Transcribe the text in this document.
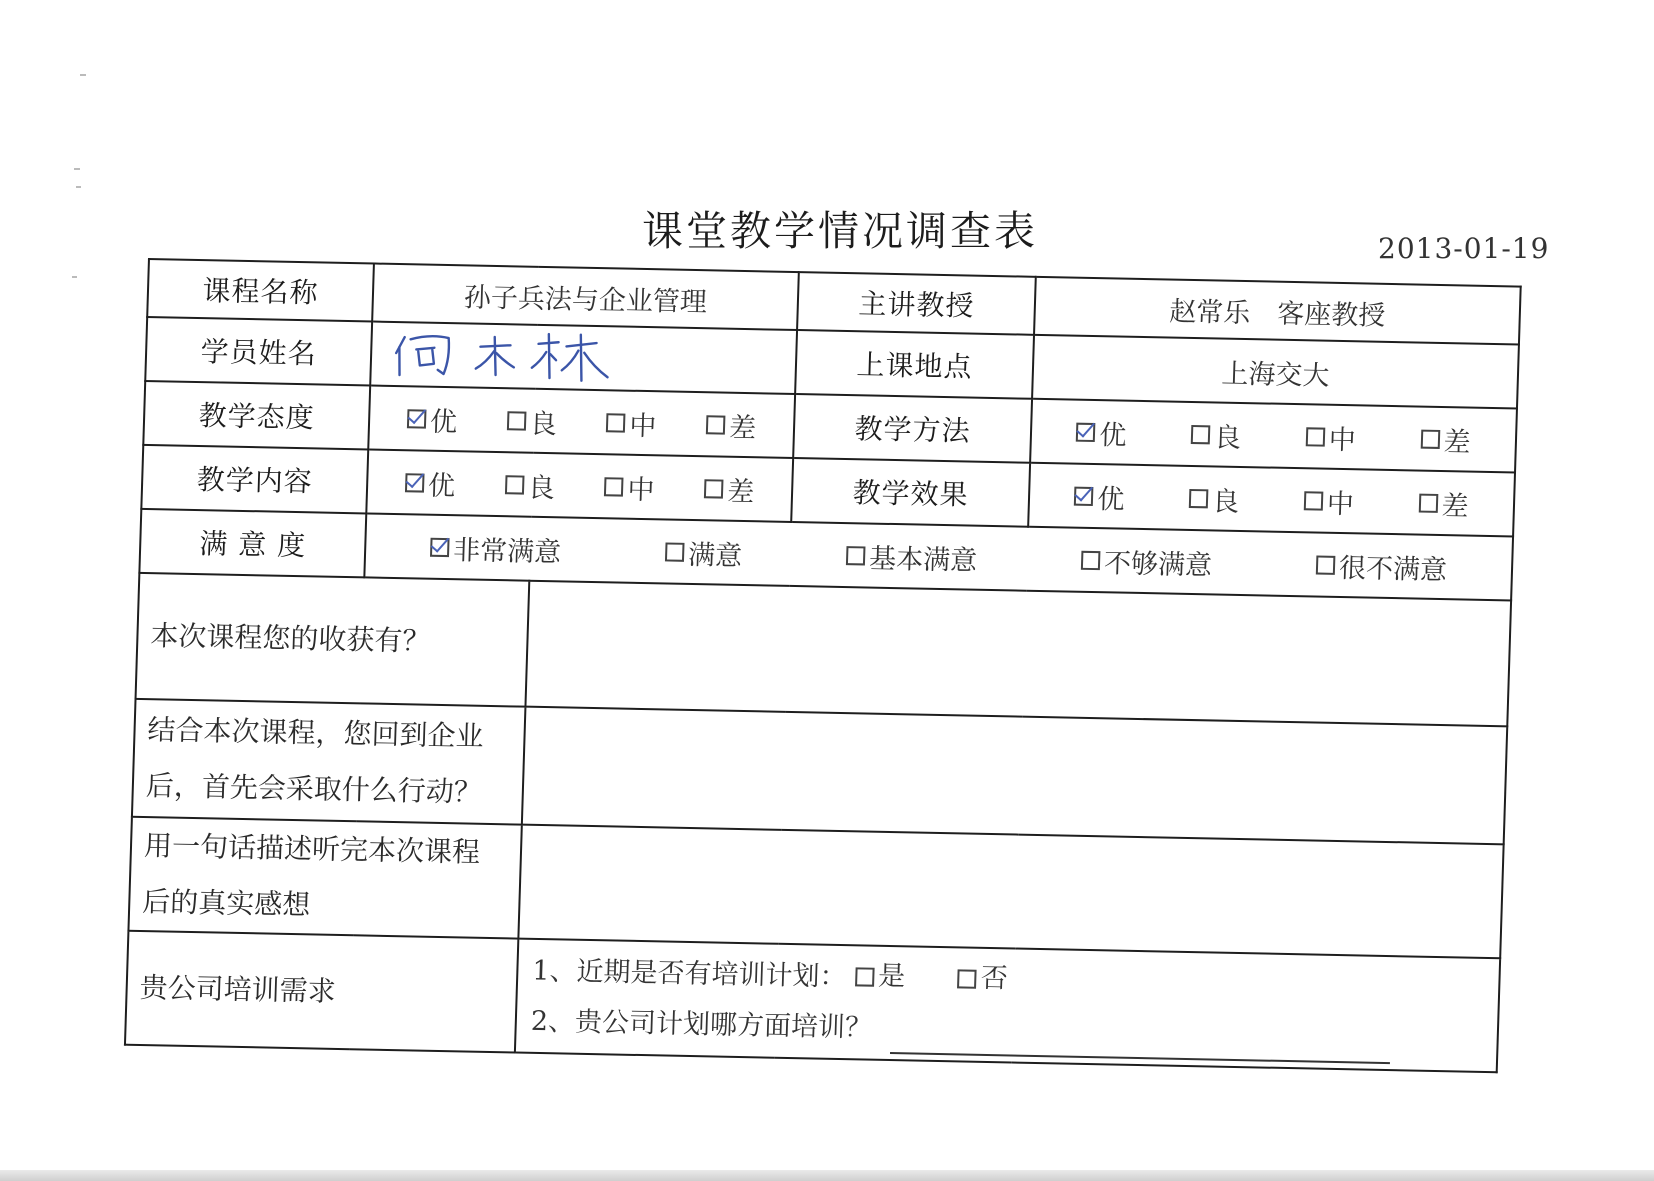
课堂教学情况调查表	2013-01-19
课程名称	孙子兵法与企业管理		主讲教授	赵常乐　客座教授
学员姓名			上课地点	上海交大
教学态度	优 良 中 差		教学方法	优 良 中 差

教学内容	优 良 中 差		教学效果	优 良 中 差

满 意 度	非常满意 满意 基本满意 不够满意 很不满意			

本次课程您的收获有？				

结合本次课程，您回到企业
后，首先会采取什么行动？				

用一句话描述听完本次课程
后的真实感想				

贵公司培训需求		1、近期是否有培训计划： 是
否
2、贵公司计划哪方面培训？		
